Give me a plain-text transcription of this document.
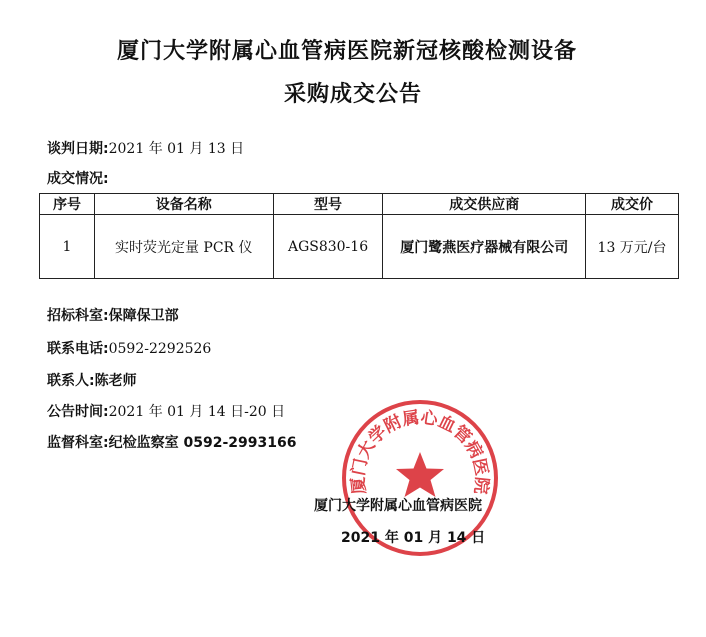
厦门大学附属心血管病医院新冠核酸检测设备
采购成交公告
谈判日期:2021 年 01 月 13 日
成交情况:
序号	设备名称	型号	成交供应商	成交价
1	实时荧光定量 PCR 仪	AGS830-16	厦门鹭燕医疗器械有限公司	13 万元/台
招标科室:保障保卫部
联系电话:0592-2292526
联系人:陈老师
公告时间:2021 年 01 月 14 日-20 日
监督科室:纪检监察室 0592-2993166
厦门大学附属心血管病医院
厦门大学附属心血管病医院
2021 年 01 月 14 日
